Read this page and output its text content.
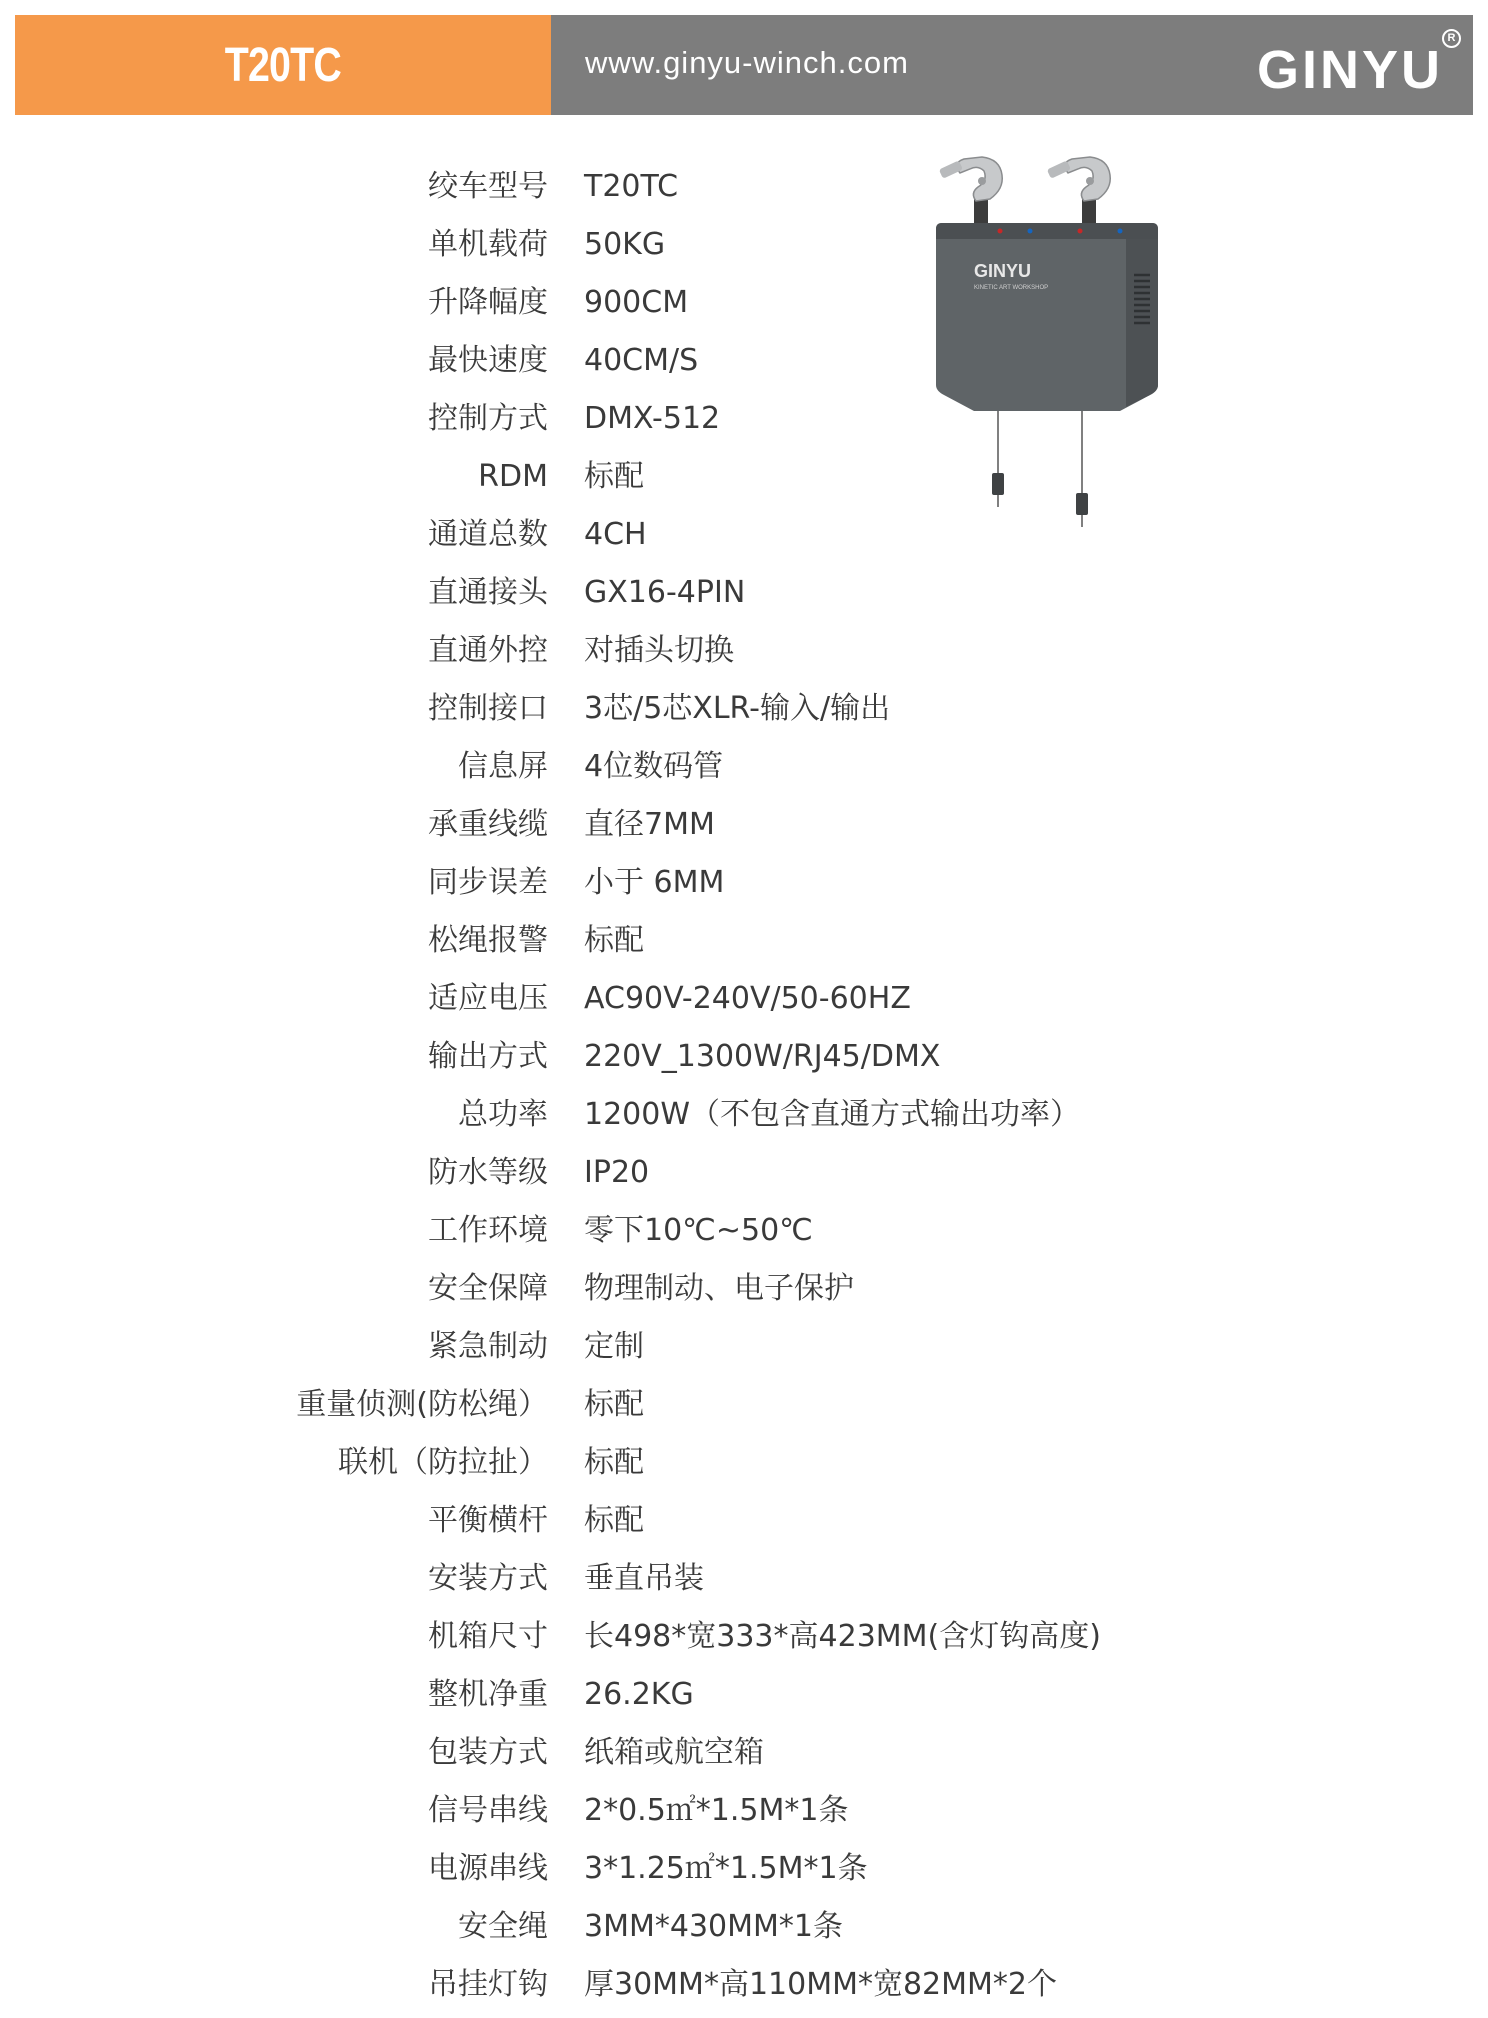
T20TC	www.ginyu-winch.com	GINYU
R
GINYU
KINETIC ART WORKSHOP
绞车型号 T20TC
单机载荷 50KG
升降幅度 900CM
最快速度 40CM/S
控制方式 DMX-512
RDM 标配
通道总数 4CH
直通接头 GX16-4PIN
直通外控 对插头切换
控制接口 3芯/5芯XLR-输入/输出
信息屏 4位数码管
承重线缆 直径7MM
同步误差 小于 6MM
松绳报警 标配
适应电压 AC90V-240V/50-60HZ
输出方式 220V_1300W/RJ45/DMX
总功率 1200W（不包含直通方式输出功率）
防水等级 IP20
工作环境 零下10℃~50℃
安全保障 物理制动、电子保护
紧急制动 定制
重量侦测(防松绳） 标配
联机（防拉扯） 标配
平衡横杆 标配
安装方式 垂直吊装
机箱尺寸 长498*宽333*高423MM(含灯钩高度)
整机净重 26.2KG
包装方式 纸箱或航空箱
信号串线 2*0.5㎡*1.5M*1条
电源串线 3*1.25㎡*1.5M*1条
安全绳 3MM*430MM*1条
吊挂灯钩 厚30MM*高110MM*宽82MM*2个
